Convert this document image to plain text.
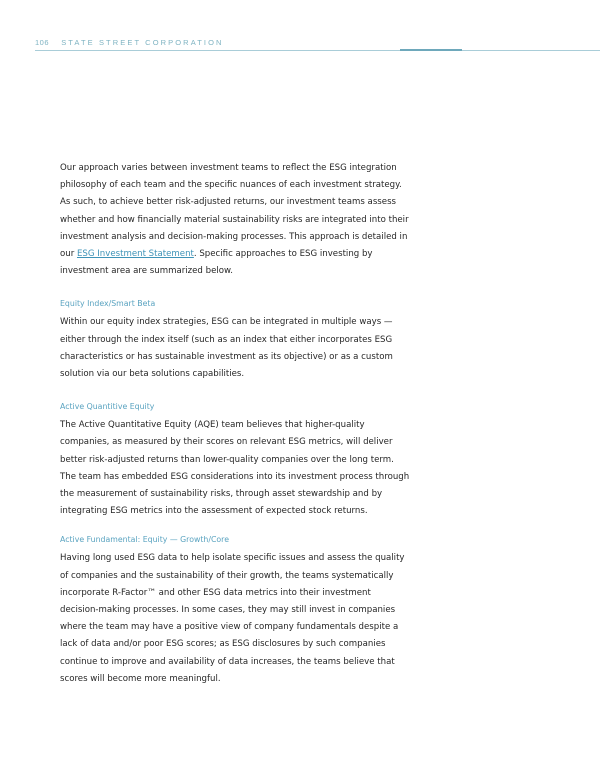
106 STATE STREET CORPORATION

Our approach varies between investment teams to reflect the ESG integration philosophy of each team and the specific nuances of each investment strategy. As such, to achieve better risk-adjusted returns, our investment teams assess whether and how financially material sustainability risks are integrated into their investment analysis and decision-making processes. This approach is detailed in our ESG Investment Statement. Specific approaches to ESG investing by investment area are summarized below.

Equity Index/Smart Beta

Within our equity index strategies, ESG can be integrated in multiple ways — either through the index itself (such as an index that either incorporates ESG characteristics or has sustainable investment as its objective) or as a custom solution via our beta solutions capabilities.

Active Quantitive Equity

The Active Quantitative Equity (AQE) team believes that higher-quality companies, as measured by their scores on relevant ESG metrics, will deliver better risk-adjusted returns than lower-quality companies over the long term. The team has embedded ESG considerations into its investment process through the measurement of sustainability risks, through asset stewardship and by integrating ESG metrics into the assessment of expected stock returns.

Active Fundamental: Equity — Growth/Core

Having long used ESG data to help isolate specific issues and assess the quality of companies and the sustainability of their growth, the teams systematically incorporate R-Factor™ and other ESG data metrics into their investment decision-making processes. In some cases, they may still invest in companies where the team may have a positive view of company fundamentals despite a lack of data and/or poor ESG scores; as ESG disclosures by such companies continue to improve and availability of data increases, the teams believe that scores will become more meaningful.
